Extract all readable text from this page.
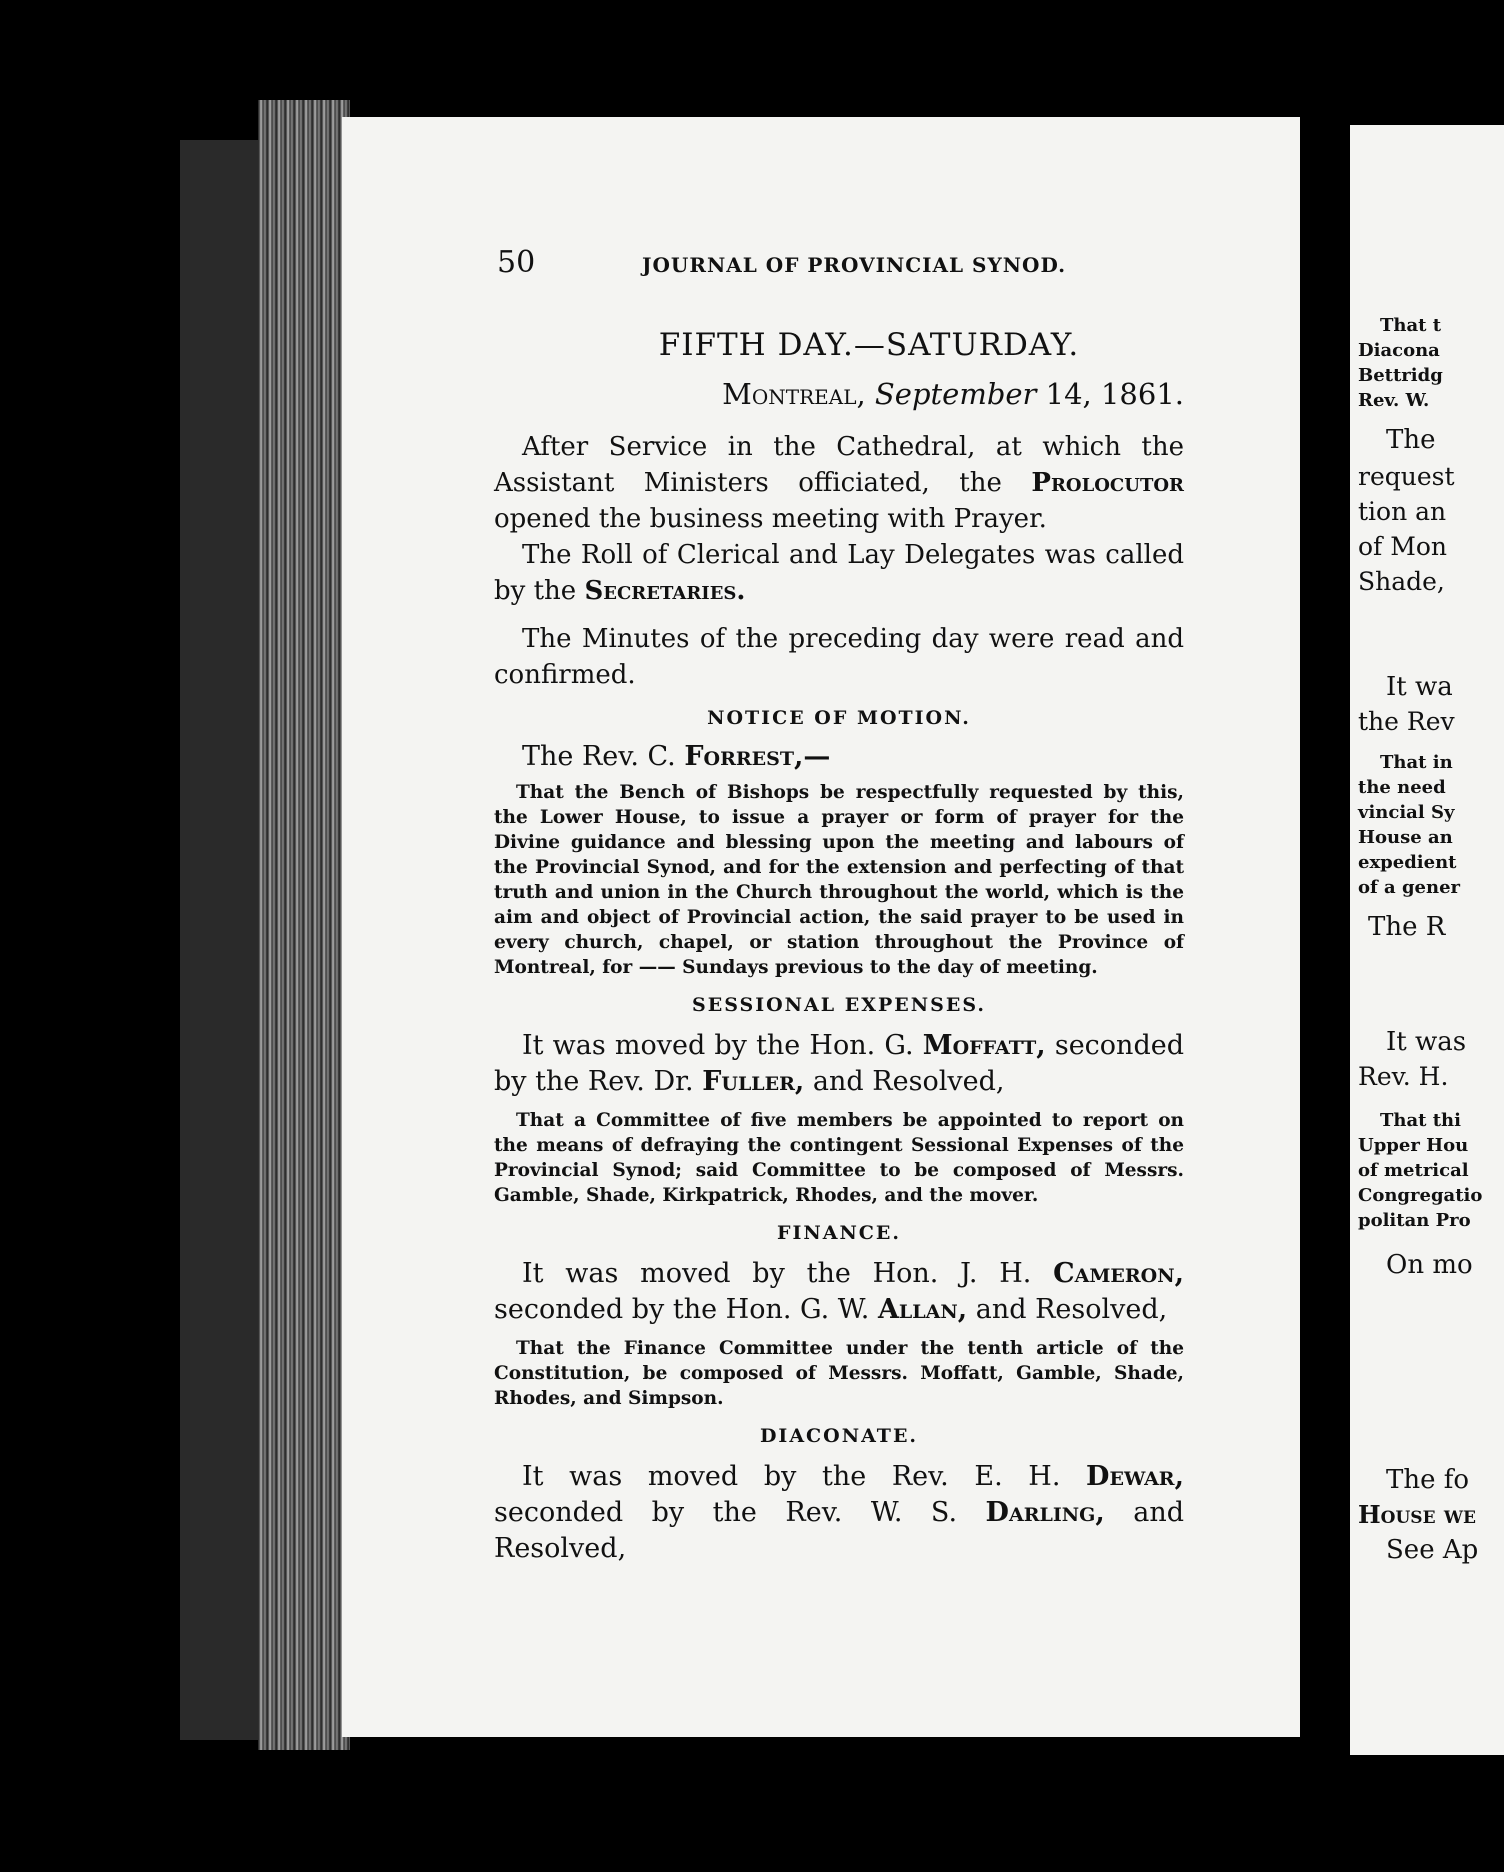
50	JOURNAL OF PROVINCIAL SYNOD.
FIFTH DAY.—SATURDAY.
Montreal, September 14, 1861.

After Service in the Cathedral, at which the Assistant Ministers officiated, the Prolocutor opened the business meeting with Prayer.

The Roll of Clerical and Lay Delegates was called by the Secretaries.

The Minutes of the preceding day were read and confirmed.

NOTICE OF MOTION.
The Rev. C. Forrest,—

That the Bench of Bishops be respectfully requested by this, the Lower House, to issue a prayer or form of prayer for the Divine guidance and blessing upon the meeting and labours of the Provincial Synod, and for the extension and perfecting of that truth and union in the Church throughout the world, which is the aim and object of Provincial action, the said prayer to be used in every church, chapel, or station throughout the Province of Montreal, for —— Sundays previous to the day of meeting.

SESSIONAL EXPENSES.

It was moved by the Hon. G. Moffatt, seconded by the Rev. Dr. Fuller, and Resolved,

That a Committee of five members be appointed to report on the means of defraying the contingent Sessional Expenses of the Provincial Synod; said Committee to be composed of Messrs. Gamble, Shade, Kirkpatrick, Rhodes, and the mover.

FINANCE.

It was moved by the Hon. J. H. Cameron, seconded by the Hon. G. W. Allan, and Resolved,

That the Finance Committee under the tenth article of the Constitution, be composed of Messrs. Moffatt, Gamble, Shade, Rhodes, and Simpson.

DIACONATE.

It was moved by the Rev. E. H. Dewar, seconded by the Rev. W. S. Darling, and Resolved,

That t
Diacona
Bettridg
Rev. W.
The
request
tion an
of Mon
Shade,
It wa
the Rev
That in
the need
vincial Sy
House an
expedient
of a gener
The R
It was
Rev. H.
That thi
Upper Hou
of metrical
Congregatio
politan Pro
On mo
The fo
House we
See Ap
